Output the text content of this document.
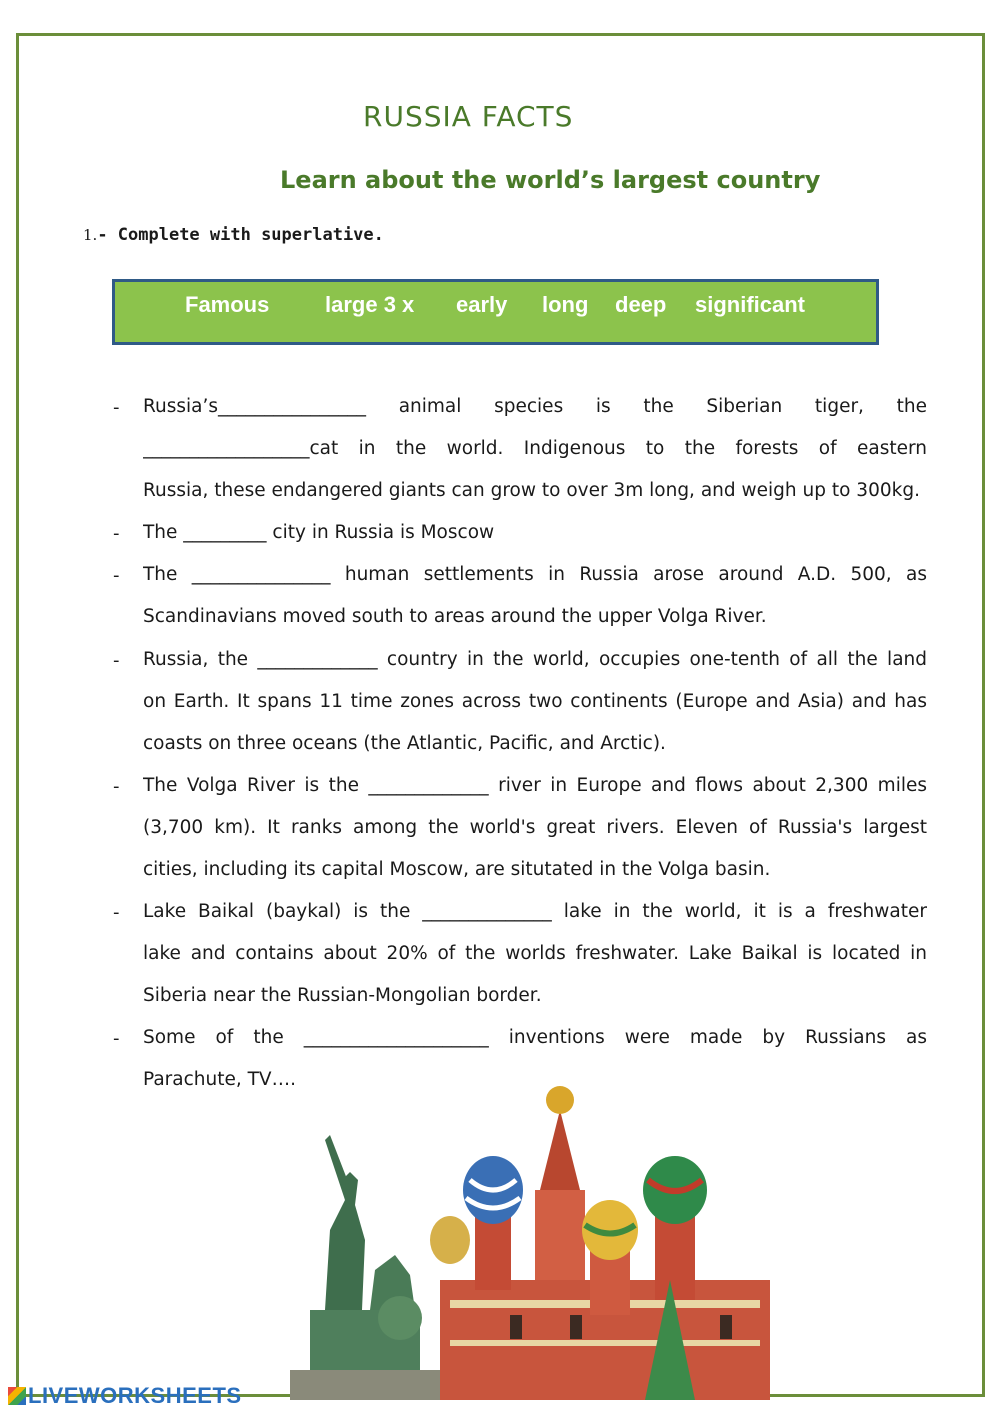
RUSSIA FACTS
Learn about the world’s largest country
1.- Complete with superlative.
Famous	large 3 x early long deep significant
-
-
-
-
-
-
-
Russia’s________________ animal species is the Siberian tiger, the
__________________cat in the world. Indigenous to the forests of eastern
Russia, these endangered giants can grow to over 3m long, and weigh up to 300kg.
The _________ city in Russia is Moscow
The _______________ human settlements in Russia arose around A.D. 500, as
Scandinavians moved south to areas around the upper Volga River.
Russia, the _____________ country in the world, occupies one-tenth of all the land
on Earth. It spans 11 time zones across two continents (Europe and Asia) and has
coasts on three oceans (the Atlantic, Pacific, and Arctic).
The Volga River is the _____________ river in Europe and flows about 2,300 miles
(3,700 km). It ranks among the world's great rivers. Eleven of Russia's largest
cities, including its capital Moscow, are situtated in the Volga basin.
Lake Baikal (baykal) is the ______________ lake in the world, it is a freshwater
lake and contains about 20% of the worlds freshwater. Lake Baikal is located in
Siberia near the Russian-Mongolian border.
Some of the ____________________ inventions were made by Russians as
Parachute, TV….
LIVEWORKSHEETS
